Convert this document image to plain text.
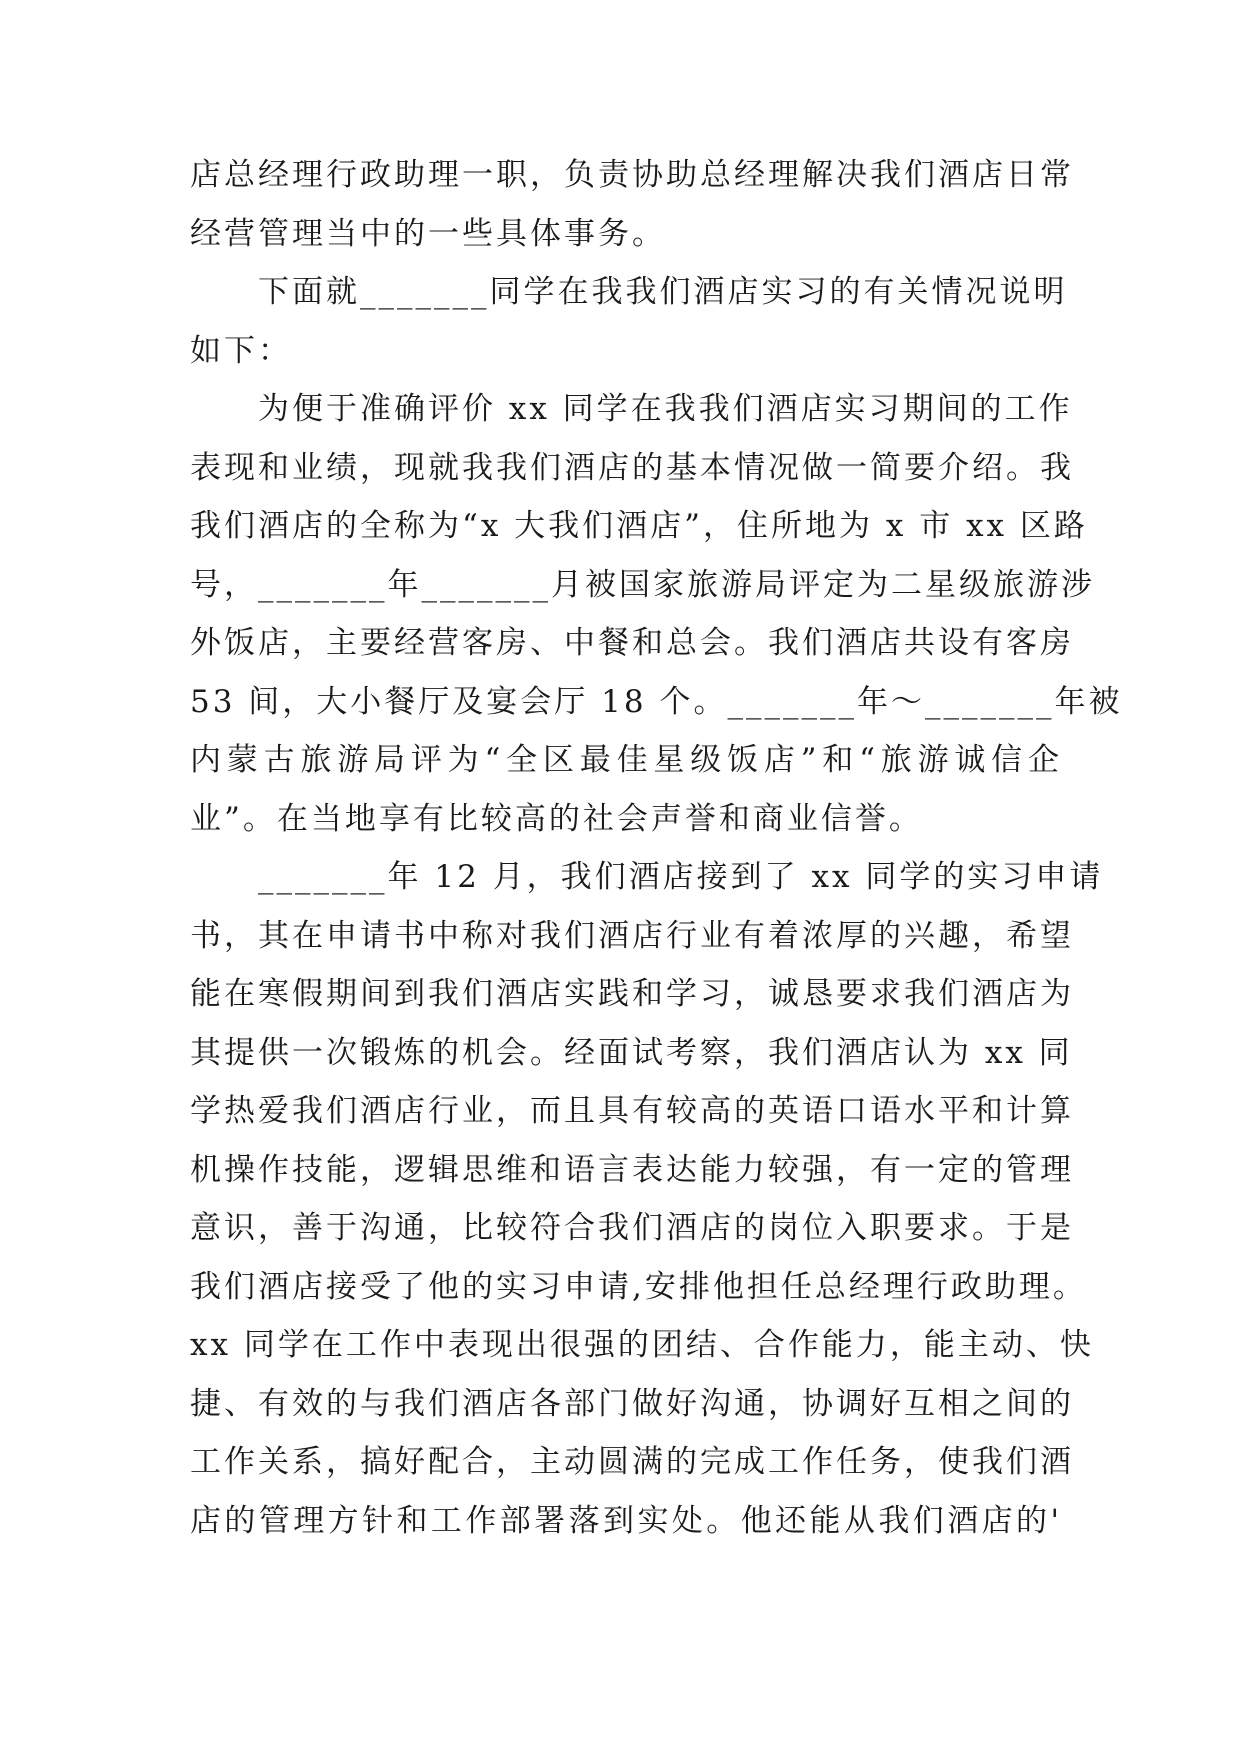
店总经理行政助理一职，负责协助总经理解决我们酒店日常
经营管理当中的一些具体事务。
　　下面就_______同学在我我们酒店实习的有关情况说明
如下：
　　为便于准确评价 xx 同学在我我们酒店实习期间的工作
表现和业绩，现就我我们酒店的基本情况做一简要介绍。我
我们酒店的全称为“x 大我们酒店”，住所地为 x 市 xx 区路
号，_______年_______月被国家旅游局评定为二星级旅游涉
外饭店，主要经营客房、中餐和总会。我们酒店共设有客房
53 间，大小餐厅及宴会厅 18 个。_______年～_______年被
内蒙古旅游局评为“全区最佳星级饭店”和“旅游诚信企
业”。在当地享有比较高的社会声誉和商业信誉。
　　_______年 12 月，我们酒店接到了 xx 同学的实习申请
书，其在申请书中称对我们酒店行业有着浓厚的兴趣，希望
能在寒假期间到我们酒店实践和学习，诚恳要求我们酒店为
其提供一次锻炼的机会。经面试考察，我们酒店认为 xx 同
学热爱我们酒店行业，而且具有较高的英语口语水平和计算
机操作技能，逻辑思维和语言表达能力较强，有一定的管理
意识，善于沟通，比较符合我们酒店的岗位入职要求。于是
我们酒店接受了他的实习申请,安排他担任总经理行政助理。
xx 同学在工作中表现出很强的团结、合作能力，能主动、快
捷、有效的与我们酒店各部门做好沟通，协调好互相之间的
工作关系，搞好配合，主动圆满的完成工作任务，使我们酒
店的管理方针和工作部署落到实处。他还能从我们酒店的'
